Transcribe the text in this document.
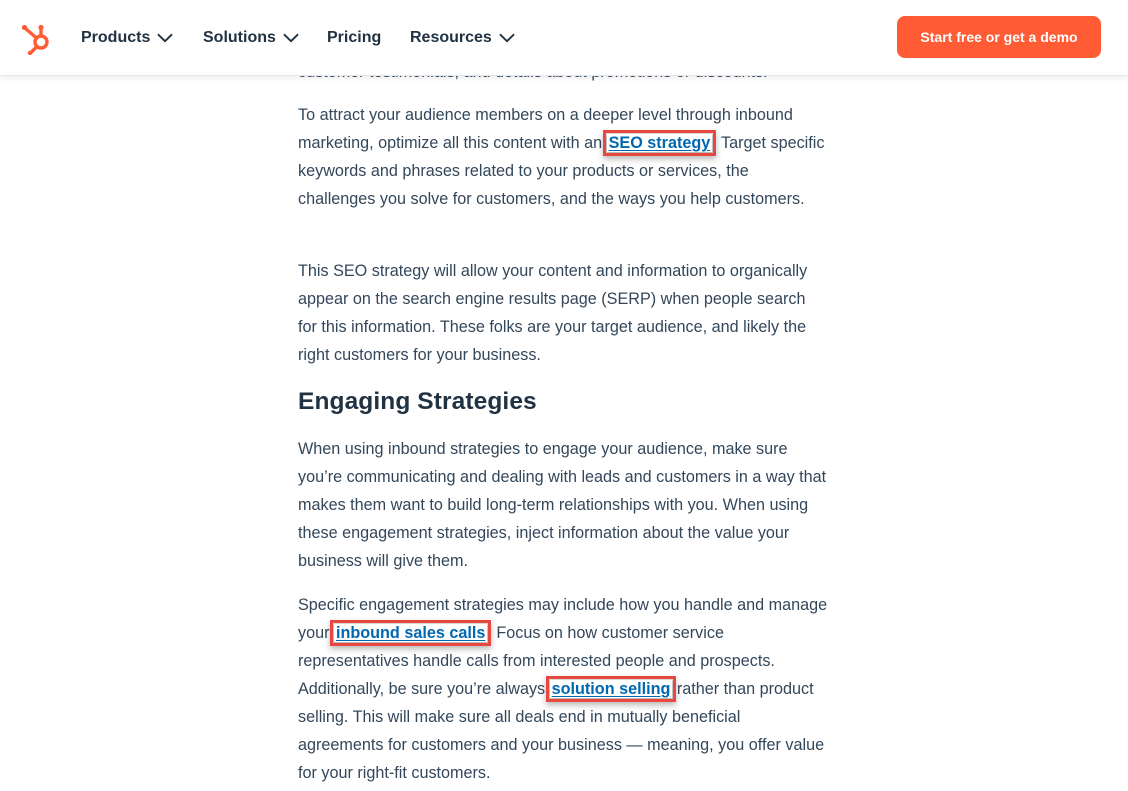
Products	Solutions	Pricing Resources	Start free or get a demo

To attract your audience members on a deeper level through inbound marketing, optimize all this content with an SEO strategy . Target specific keywords and phrases related to your products or services, the challenges you solve for customers, and the ways you help customers.

This SEO strategy will allow your content and information to organically appear on the search engine results page (SERP) when people search for this information. These folks are your target audience, and likely the right customers for your business.

Engaging Strategies

When using inbound strategies to engage your audience, make sure you’re communicating and dealing with leads and customers in a way that makes them want to build long-term relationships with you. When using these engagement strategies, inject information about the value your business will give them.

Specific engagement strategies may include how you handle and manage your inbound sales calls . Focus on how customer service representatives handle calls from interested people and prospects. Additionally, be sure you’re always solution selling rather than product selling. This will make sure all deals end in mutually beneficial agreements for customers and your business — meaning, you offer value for your right-fit customers.
